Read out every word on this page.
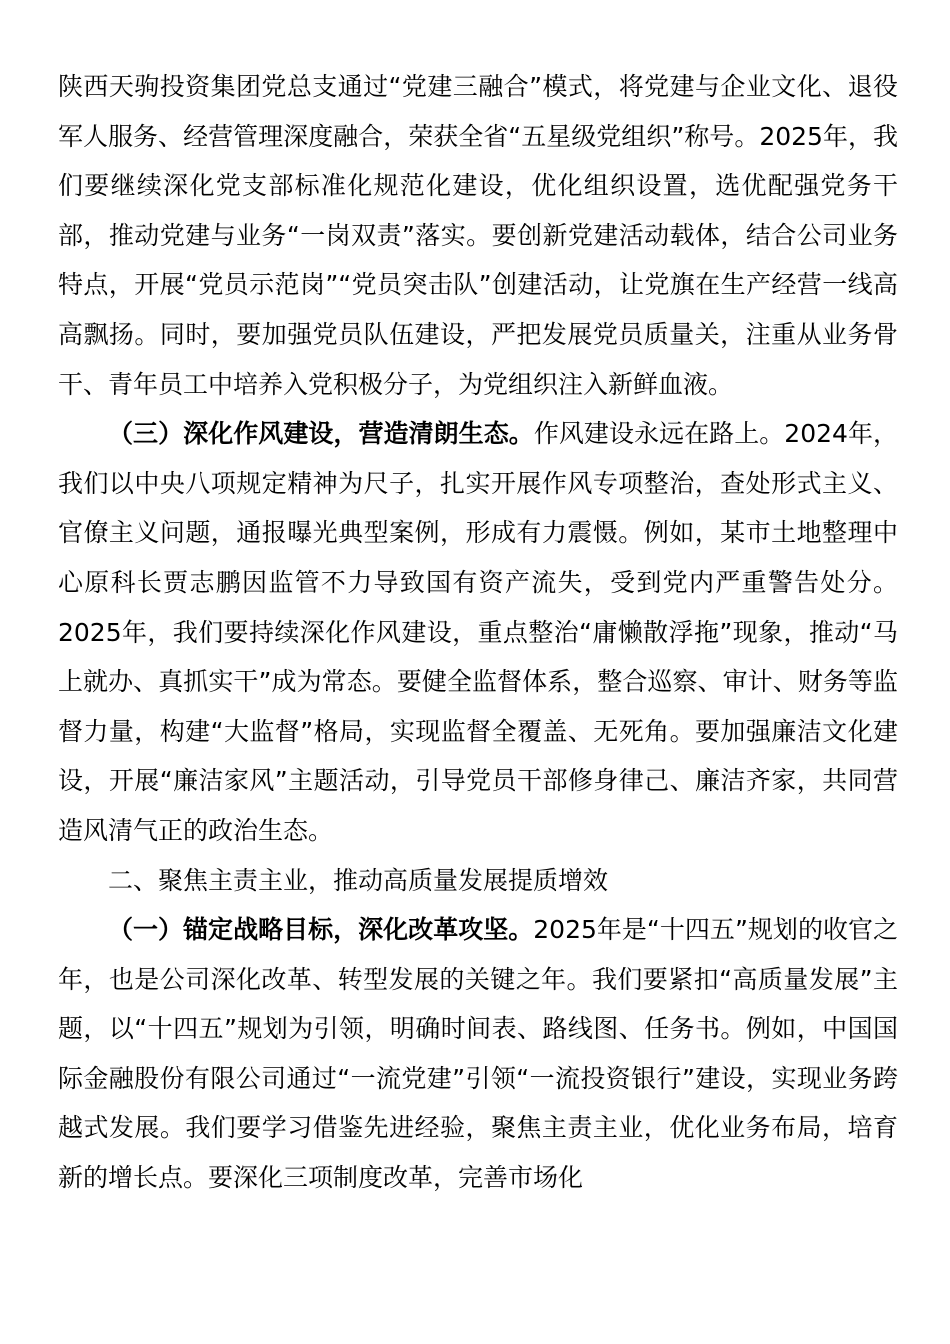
陕西天驹投资集团党总支通过“党建三融合”模式，将党建与企业文化、退役军人服务、经营管理深度融合，荣获全省“五星级党组织”称号。2025年，我们要继续深化党支部标准化规范化建设，优化组织设置，选优配强党务干部，推动党建与业务“一岗双责”落实。要创新党建活动载体，结合公司业务特点，开展“党员示范岗”“党员突击队”创建活动，让党旗在生产经营一线高高飘扬。同时，要加强党员队伍建设，严把发展党员质量关，注重从业务骨干、青年员工中培养入党积极分子，为党组织注入新鲜血液。

（三）深化作风建设，营造清朗生态。作风建设永远在路上。2024年，我们以中央八项规定精神为尺子，扎实开展作风专项整治，查处形式主义、官僚主义问题，通报曝光典型案例，形成有力震慑。例如，某市土地整理中心原科长贾志鹏因监管不力导致国有资产流失，受到党内严重警告处分。2025年，我们要持续深化作风建设，重点整治“庸懒散浮拖”现象，推动“马上就办、真抓实干”成为常态。要健全监督体系，整合巡察、审计、财务等监督力量，构建“大监督”格局，实现监督全覆盖、无死角。要加强廉洁文化建设，开展“廉洁家风”主题活动，引导党员干部修身律己、廉洁齐家，共同营造风清气正的政治生态。

二、聚焦主责主业，推动高质量发展提质增效

（一）锚定战略目标，深化改革攻坚。2025年是“十四五”规划的收官之年，也是公司深化改革、转型发展的关键之年。我们要紧扣“高质量发展”主题，以“十四五”规划为引领，明确时间表、路线图、任务书。例如，中国国际金融股份有限公司通过“一流党建”引领“一流投资银行”建设，实现业务跨越式发展。我们要学习借鉴先进经验，聚焦主责主业，优化业务布局，培育新的增长点。要深化三项制度改革，完善市场化
